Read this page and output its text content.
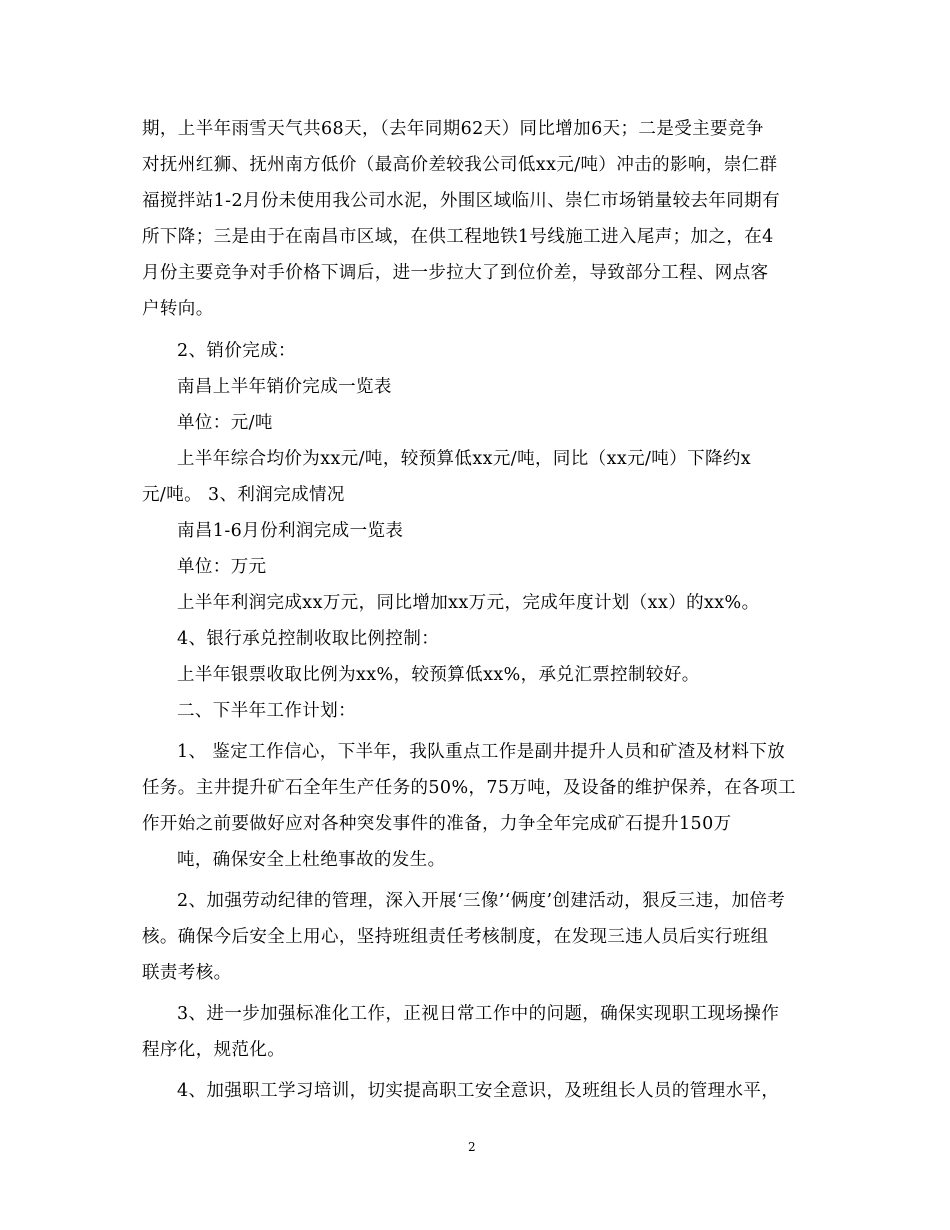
期，上半年雨雪天气共68天，（去年同期62天）同比增加6天；二是受主要竞争
对抚州红狮、抚州南方低价（最高价差较我公司低xx元/吨）冲击的影响，崇仁群
福搅拌站1-2月份未使用我公司水泥，外围区域临川、崇仁市场销量较去年同期有
所下降；三是由于在南昌市区域，在供工程地铁1号线施工进入尾声；加之，在4
月份主要竞争对手价格下调后，进一步拉大了到位价差，导致部分工程、网点客
户转向。
2、销价完成：
南昌上半年销价完成一览表
单位：元/吨
上半年综合均价为xx元/吨，较预算低xx元/吨，同比（xx元/吨）下降约x
元/吨。 3、利润完成情况
南昌1-6月份利润完成一览表
单位：万元
上半年利润完成xx万元，同比增加xx万元，完成年度计划（xx）的xx%。
4、银行承兑控制收取比例控制：
上半年银票收取比例为xx%，较预算低xx%，承兑汇票控制较好。
二、下半年工作计划：
1、 鉴定工作信心，下半年，我队重点工作是副井提升人员和矿渣及材料下放
任务。主井提升矿石全年生产任务的50%，75万吨，及设备的维护保养，在各项工
作开始之前要做好应对各种突发事件的准备，力争全年完成矿石提升150万
吨，确保安全上杜绝事故的发生。
2、加强劳动纪律的管理，深入开展‘三像’‘俩度’创建活动，狠反三违，加倍考
核。确保今后安全上用心，坚持班组责任考核制度，在发现三违人员后实行班组
联责考核。
3、进一步加强标准化工作，正视日常工作中的问题，确保实现职工现场操作
程序化，规范化。
4、加强职工学习培训，切实提高职工安全意识，及班组长人员的管理水平，
2
